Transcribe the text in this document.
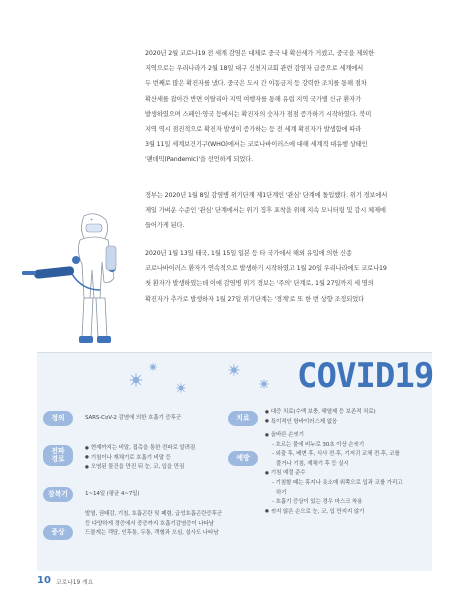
2020년 2월 코로나19 전 세계 감염은 대체로 중국 내 확산세가 거셌고, 중국을 제외한
지역으로는 우리나라가 2월 18일 대구 신천지교회 관련 감염자 급증으로 세계에서
두 번째로 많은 확진자를 냈다. 중국은 도시 간 이동금지 등 강력한 조치를 통해 점차
확산세를 잡아간 반면 이탈리아 지역 여행자를 통해 유럽 지역 국가별 신규 환자가
발생하였으며 스페인·영국 등에서는 확진자의 숫자가 점점 증가하기 시작하였다. 북미
지역 역시 점진적으로 확진자 발생이 증가하는 등 전 세계 확진자가 발생함에 따라
3월 11일 세계보건기구(WHO)에서는 코로나바이러스에 대해 세계적 대유행 상태인
'팬데믹(Pandemic)'을 선언하게 되었다.

정부는 2020년 1월 8일 감염병 위기단계 제1단계인 '관심' 단계에 돌입했다. 위기 경보에서
제일 가벼운 수준인 '관심' 단계에서는 위기 징후 포착을 위해 지속 모니터링 및 감시 체제에
들어가게 된다.

2020년 1월 13일 태국, 1월 15일 일본 등 타 국가에서 해외 유입에 의한 신종
코로나바이러스 환자가 연속적으로 발생하기 시작하였고 1월 20일 우리나라에도 코로나19
첫 환자가 발생하였는데 이에 감염병 위기 경보는 '주의' 단계로, 1월 27일까지 세 명의
확진자가 추가로 발생하자 1월 27일 위기단계는 '경계'로 또 한 번 상향 조정되었다

+
COVID19
정의
전파
경로
잠복기
증상
SARS-CoV-2 감염에 의한 호흡기 증후군
● 현재까지는 비말, 접촉을 통한 전파로 알려짐
● 기침이나 재채기로 호흡기 비말 등
● 오염된 물건을 만진 뒤 눈, 코, 입을 만짐
1~14일 (평균 4~7일)
발열, 권태감, 기침, 호흡곤란 및 폐렴, 급성호흡곤란증후군
등 다양하게 경증에서 중증까지 호흡기감염증이 나타남
드물게는 객담, 인후통, 두통, 객혈과 오심, 설사도 나타남
치료
예방
● 대증 치료(수액 보충, 해열제 등 보존적 치료)
● 특이적인 항바이러스제 없음
● 올바른 손씻기
- 흐르는 물에 비누로 30초 이상 손씻기
- 외출 후, 배변 후, 식사 전·후, 기저귀 교체 전·후, 코를
풀거나 기침, 재채기 후 등 실시
● 기침 예절 준수
- 기침할 때는 휴지나 옷소매 위쪽으로 입과 코를 가리고
하기
- 호흡기 증상이 있는 경우 마스크 착용
● 씻지 않은 손으로 눈, 코, 입 만지지 않기
10 코로나19 개요
